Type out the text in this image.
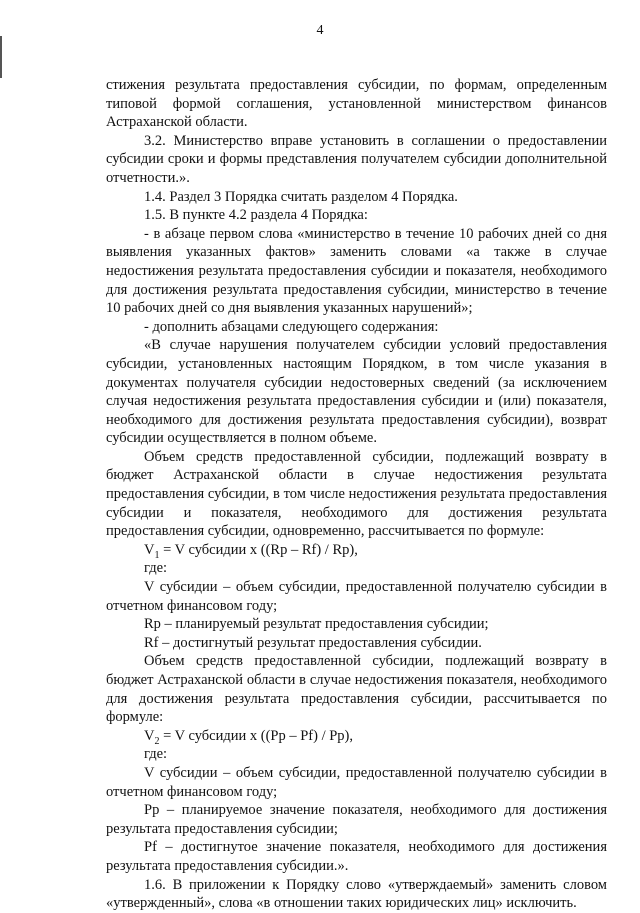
4

стижения результата предоставления субсидии, по формам, определенным типовой формой соглашения, установленной министерством финансов Астраханской области.

3.2. Министерство вправе установить в соглашении о предоставлении субсидии сроки и формы представления получателем субсидии дополнительной отчетности.».

1.4. Раздел 3 Порядка считать разделом 4 Порядка.

1.5. В пункте 4.2 раздела 4 Порядка:

- в абзаце первом слова «министерство в течение 10 рабочих дней со дня выявления указанных фактов» заменить словами «а также в случае недостижения результата предоставления субсидии и показателя, необходимого для достижения результата предоставления субсидии, министерство в течение 10 рабочих дней со дня выявления указанных нарушений»;

- дополнить абзацами следующего содержания:

«В случае нарушения получателем субсидии условий предоставления субсидии, установленных настоящим Порядком, в том числе указания в документах получателя субсидии недостоверных сведений (за исключением случая недостижения результата предоставления субсидии и (или) показателя, необходимого для достижения результата предоставления субсидии), возврат субсидии осуществляется в полном объеме.

Объем средств предоставленной субсидии, подлежащий возврату в бюджет Астраханской области в случае недостижения результата предоставления субсидии, в том числе недостижения результата предоставления субсидии и показателя, необходимого для достижения результата предоставления субсидии, одновременно, рассчитывается по формуле:

$V_1 = V$ субсидии x ((Rp – Rf) / Rp),

где:

V субсидии – объем субсидии, предоставленной получателю субсидии в отчетном финансовом году;

Rp – планируемый результат предоставления субсидии;

Rf – достигнутый результат предоставления субсидии.

Объем средств предоставленной субсидии, подлежащий возврату в бюджет Астраханской области в случае недостижения показателя, необходимого для достижения результата предоставления субсидии, рассчитывается по формуле:

$V_2 = V$ субсидии x ((Pp – Pf) / Pp),

где:

V субсидии – объем субсидии, предоставленной получателю субсидии в отчетном финансовом году;

Pp – планируемое значение показателя, необходимого для достижения результата предоставления субсидии;

Pf – достигнутое значение показателя, необходимого для достижения результата предоставления субсидии.».

1.6. В приложении к Порядку слово «утверждаемый» заменить словом «утвержденный», слова «в отношении таких юридических лиц» исключить.
